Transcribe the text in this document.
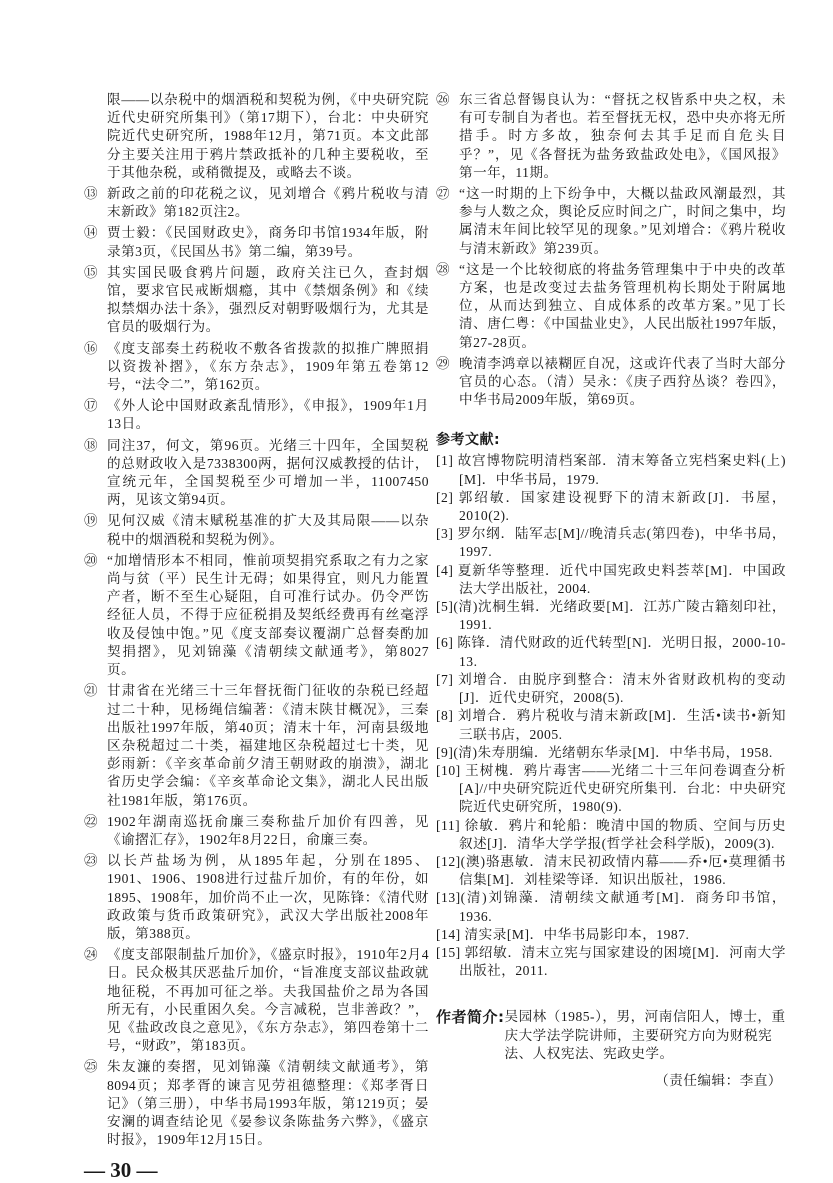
限——以杂税中的烟酒税和契税为例，《中央研究院近代史研究所集刊》（第17期下），台北：中央研究院近代史研究所，1988年12月，第71页。本文此部分主要关注用于鸦片禁政抵补的几种主要税收，至于其他杂税，或稍微提及，或略去不谈。
⑬ 新政之前的印花税之议，见刘增合《鸦片税收与清末新政》第182页注2。
⑭ 贾士毅：《民国财政史》，商务印书馆1934年版，附录第3页，《民国丛书》第二编，第39号。
⑮ 其实国民吸食鸦片问题，政府关注已久，查封烟馆，要求官民戒断烟瘾，其中《禁烟条例》和《续拟禁烟办法十条》，强烈反对朝野吸烟行为，尤其是官员的吸烟行为。
⑯ 《度支部奏土药税收不敷各省拨款的拟推广牌照捐以资拨补摺》，《东方杂志》，1909年第五卷第12号，“法令二”，第162页。
⑰ 《外人论中国财政紊乱情形》，《申报》，1909年1月13日。
⑱ 同注37，何文，第96页。光绪三十四年，全国契税的总财政收入是7338300两，据何汉威教授的估计，宣统元年，全国契税至少可增加一半，11007450两，见该文第94页。
⑲ 见何汉威《清末赋税基准的扩大及其局限——以杂税中的烟酒税和契税为例》。
⑳ “加增情形本不相同，惟前项契捐究系取之有力之家尚与贫（平）民生计无碍；如果得宜，则凡力能置产者，断不至生心疑阻，自可准行试办。仍令严饬经征人员，不得于应征税捐及契纸经费再有丝毫浮收及侵蚀中饱。”见《度支部奏议覆湖广总督奏酌加契捐摺》，见刘锦藻《清朝续文献通考》，第8027页。
㉑ 甘肃省在光绪三十三年督抚衙门征收的杂税已经超过二十种，见杨绳信编著：《清末陕甘概况》，三秦出版社1997年版，第40页；清末十年，河南县级地区杂税超过二十类，福建地区杂税超过七十类，见彭雨新：《辛亥革命前夕清王朝财政的崩溃》，湖北省历史学会编：《辛亥革命论文集》，湖北人民出版社1981年版，第176页。
㉒ 1902年湖南巡抚俞廉三奏称盐斤加价有四善，见《谕摺汇存》，1902年8月22日，俞廉三奏。
㉓ 以长芦盐场为例，从1895年起，分别在1895、1901、1906、1908进行过盐斤加价，有的年份，如1895、1908年，加价尚不止一次，见陈锋：《清代财政政策与货币政策研究》，武汉大学出版社2008年版，第388页。
㉔ 《度支部限制盐斤加价》，《盛京时报》，1910年2月4日。民众极其厌恶盐斤加价，“旨准度支部议盐政就地征税，不再加可征之举。夫我国盐价之昂为各国所无有，小民重困久矣。今言减税，岂非善政？”，见《盐政改良之意见》，《东方杂志》，第四卷第十二号，“财政”，第183页。
㉕ 朱友濂的奏摺，见刘锦藻《清朝续文献通考》，第8094页；郑孝胥的谏言见劳祖德整理：《郑孝胥日记》（第三册），中华书局1993年版，第1219页；晏安澜的调查结论见《晏参议条陈盐务六弊》，《盛京时报》，1909年12月15日。
— 30 —
㉖ 东三省总督锡良认为：“督抚之权皆系中央之权，未有可专制自为者也。若至督抚无权，恐中央亦将无所措手。时方多故，独奈何去其手足而自危头目乎？”，见《各督抚为盐务致盐政处电》，《国风报》第一年，11期。
㉗ “这一时期的上下纷争中，大概以盐政风潮最烈，其参与人数之众，舆论反应时间之广，时间之集中，均属清末年间比较罕见的现象。”见刘增合：《鸦片税收与清末新政》第239页。
㉘ “这是一个比较彻底的将盐务管理集中于中央的改革方案，也是改变过去盐务管理机构长期处于附属地位，从而达到独立、自成体系的改革方案。”见丁长清、唐仁粤：《中国盐业史》，人民出版社1997年版，第27-28页。
㉙ 晚清李鸿章以裱糊匠自况，这或许代表了当时大部分官员的心态。（清）吴永：《庚子西狩丛谈？卷四》，中华书局2009年版，第69页。
参考文献:
[1] 故宫博物院明清档案部．清末筹备立宪档案史料(上)[M]．中华书局，1979.
[2] 郭绍敏．国家建设视野下的清末新政[J]．书屋，2010(2).
[3] 罗尔纲．陆军志[M]//晚清兵志(第四卷)，中华书局，1997.
[4] 夏新华等整理．近代中国宪政史料荟萃[M]．中国政法大学出版社，2004.
[5](清)沈桐生辑．光绪政要[M]．江苏广陵古籍刻印社，1991.
[6] 陈锋．清代财政的近代转型[N]．光明日报，2000-10-13.
[7] 刘增合．由脱序到整合：清末外省财政机构的变动[J]．近代史研究，2008(5).
[8] 刘增合．鸦片税收与清末新政[M]．生活•读书•新知三联书店，2005.
[9](清)朱寿朋编．光绪朝东华录[M]．中华书局，1958.
[10] 王树槐．鸦片毒害——光绪二十三年问卷调查分析[A]//中央研究院近代史研究所集刊．台北：中央研究院近代史研究所，1980(9).
[11] 徐敏．鸦片和轮船：晚清中国的物质、空间与历史叙述[J]．清华大学学报(哲学社会科学版)，2009(3).
[12](澳)骆惠敏．清末民初政情内幕——乔•厄•莫理循书信集[M]．刘桂梁等译．知识出版社，1986.
[13](清)刘锦藻．清朝续文献通考[M]．商务印书馆，1936.
[14] 清实录[M]．中华书局影印本，1987.
[15] 郭绍敏．清末立宪与国家建设的困境[M]．河南大学出版社，2011.
作者简介: 吴园林（1985-），男，河南信阳人，博士，重庆大学法学院讲师，主要研究方向为财税宪法、人权宪法、宪政史学。
（责任编辑：李直）
